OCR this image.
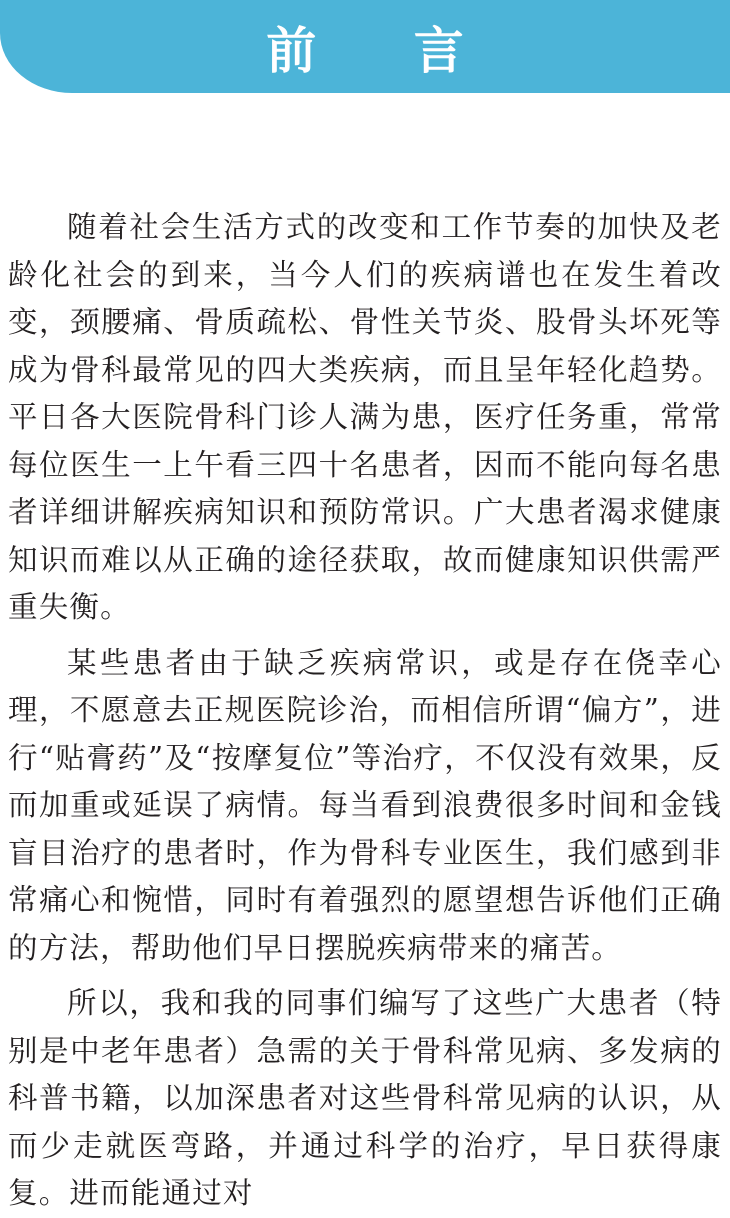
前 言

随着社会生活方式的改变和工作节奏的加快及老龄化社会的到来，当今人们的疾病谱也在发生着改变，颈腰痛、骨质疏松、骨性关节炎、股骨头坏死等成为骨科最常见的四大类疾病，而且呈年轻化趋势。平日各大医院骨科门诊人满为患，医疗任务重，常常每位医生一上午看三四十名患者，因而不能向每名患者详细讲解疾病知识和预防常识。广大患者渴求健康知识而难以从正确的途径获取，故而健康知识供需严重失衡。

某些患者由于缺乏疾病常识，或是存在侥幸心理，不愿意去正规医院诊治，而相信所谓“偏方”，进行“贴膏药”及“按摩复位”等治疗，不仅没有效果，反而加重或延误了病情。每当看到浪费很多时间和金钱盲目治疗的患者时，作为骨科专业医生，我们感到非常痛心和惋惜，同时有着强烈的愿望想告诉他们正确的方法，帮助他们早日摆脱疾病带来的痛苦。

所以，我和我的同事们编写了这些广大患者（特别是中老年患者）急需的关于骨科常见病、多发病的科普书籍，以加深患者对这些骨科常见病的认识，从而少走就医弯路，并通过科学的治疗，早日获得康复。进而能通过对
